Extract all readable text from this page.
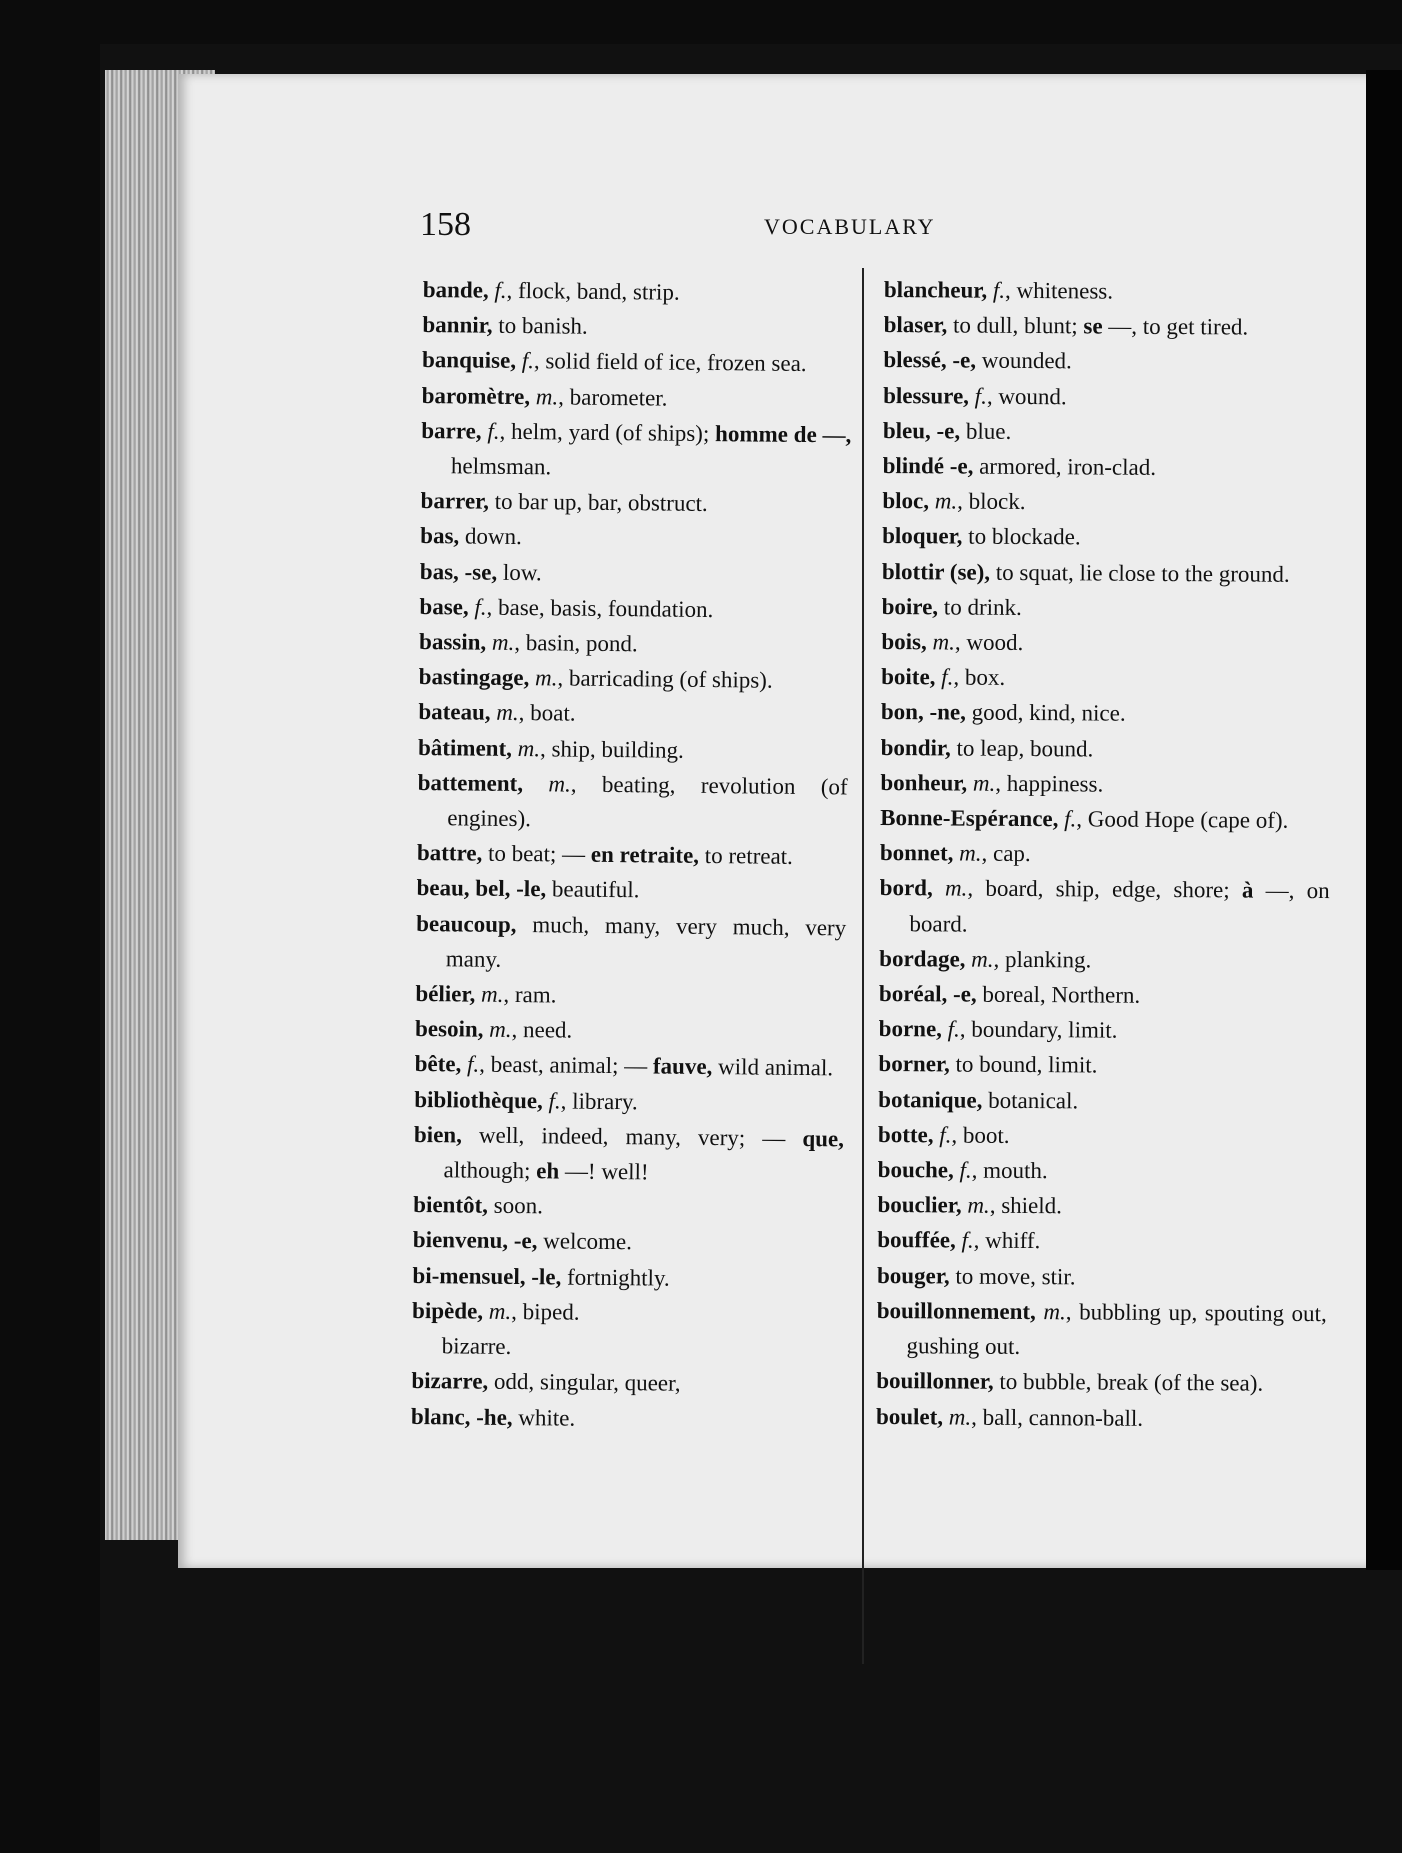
158	VOCABULARY
bande, f., flock, band, strip.
bannir, to banish.
banquise, f., solid field of ice, frozen sea.
baromètre, m., barometer.
barre, f., helm, yard (of ships); homme de —, helmsman.
barrer, to bar up, bar, obstruct.
bas, down.
bas, -se, low.
base, f., base, basis, foundation.
bassin, m., basin, pond.
bastingage, m., barricading (of ships).
bateau, m., boat.
bâtiment, m., ship, building.
battement, m., beating, revolution (of engines).
battre, to beat; — en retraite, to retreat.
beau, bel, -le, beautiful.
beaucoup, much, many, very much, very many.
bélier, m., ram.
besoin, m., need.
bête, f., beast, animal; — fauve, wild animal.
bibliothèque, f., library.
bien, well, indeed, many, very; — que, although; eh —! well!
bientôt, soon.
bienvenu, -e, welcome.
bi-mensuel, -le, fortnightly.
bipède, m., biped.
bizarre.
bizarre, odd, singular, queer,
blanc, -he, white.
blancheur, f., whiteness.
blaser, to dull, blunt; se —, to get tired.
blessé, -e, wounded.
blessure, f., wound.
bleu, -e, blue.
blindé -e, armored, iron-clad.
bloc, m., block.
bloquer, to blockade.
blottir (se), to squat, lie close to the ground.
boire, to drink.
bois, m., wood.
boite, f., box.
bon, -ne, good, kind, nice.
bondir, to leap, bound.
bonheur, m., happiness.
Bonne-Espérance, f., Good Hope (cape of).
bonnet, m., cap.
bord, m., board, ship, edge, shore; à —, on board.
bordage, m., planking.
boréal, -e, boreal, Northern.
borne, f., boundary, limit.
borner, to bound, limit.
botanique, botanical.
botte, f., boot.
bouche, f., mouth.
bouclier, m., shield.
bouffée, f., whiff.
bouger, to move, stir.
bouillonnement, m., bubbling up, spouting out, gushing out.
bouillonner, to bubble, break (of the sea).
boulet, m., ball, cannon-ball.
